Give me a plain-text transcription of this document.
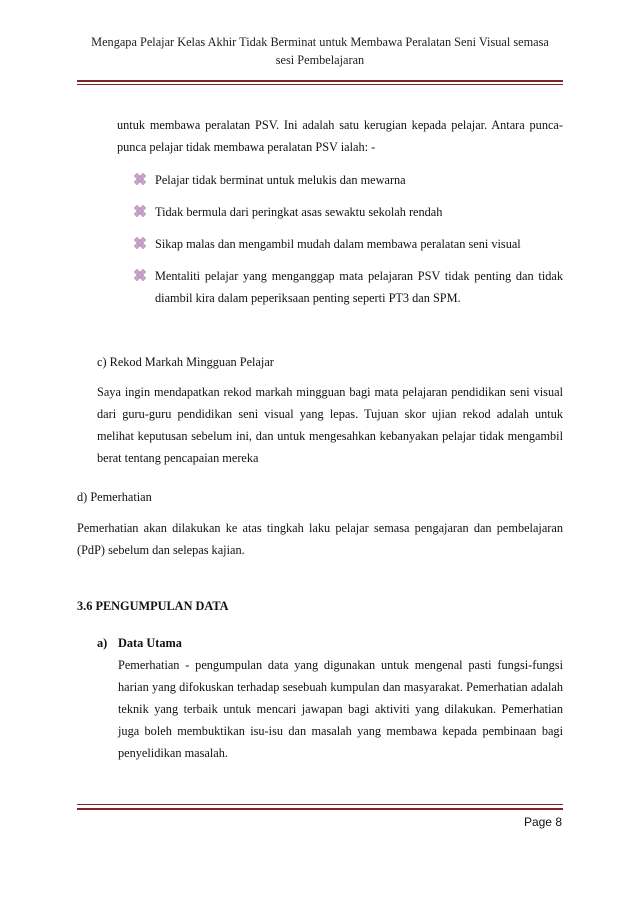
Mengapa Pelajar Kelas Akhir Tidak Berminat untuk Membawa Peralatan Seni Visual semasa
sesi Pembelajaran
untuk membawa peralatan PSV. Ini adalah satu kerugian kepada pelajar. Antara punca-punca pelajar tidak membawa peralatan PSV ialah: -
Pelajar tidak berminat untuk melukis dan mewarna
Tidak bermula dari peringkat asas sewaktu sekolah rendah
Sikap malas dan mengambil mudah dalam membawa peralatan seni visual
Mentaliti pelajar yang menganggap mata pelajaran PSV tidak penting dan tidak diambil kira dalam peperiksaan penting seperti PT3 dan SPM.
c) Rekod Markah Mingguan Pelajar
Saya ingin mendapatkan rekod markah mingguan bagi mata pelajaran pendidikan seni visual dari guru-guru pendidikan seni visual yang lepas. Tujuan skor ujian rekod adalah untuk melihat keputusan sebelum ini, dan untuk mengesahkan kebanyakan pelajar tidak mengambil berat tentang pencapaian mereka
d) Pemerhatian
Pemerhatian akan dilakukan ke atas tingkah laku pelajar semasa pengajaran dan pembelajaran (PdP) sebelum dan selepas kajian.
3.6 PENGUMPULAN DATA
a) Data Utama
Pemerhatian - pengumpulan data yang digunakan untuk mengenal pasti fungsi-fungsi harian yang difokuskan terhadap sesebuah kumpulan dan masyarakat. Pemerhatian adalah teknik yang terbaik untuk mencari jawapan bagi aktiviti yang dilakukan. Pemerhatian juga boleh membuktikan isu-isu dan masalah yang membawa kepada pembinaan bagi penyelidikan masalah.
Page 8
